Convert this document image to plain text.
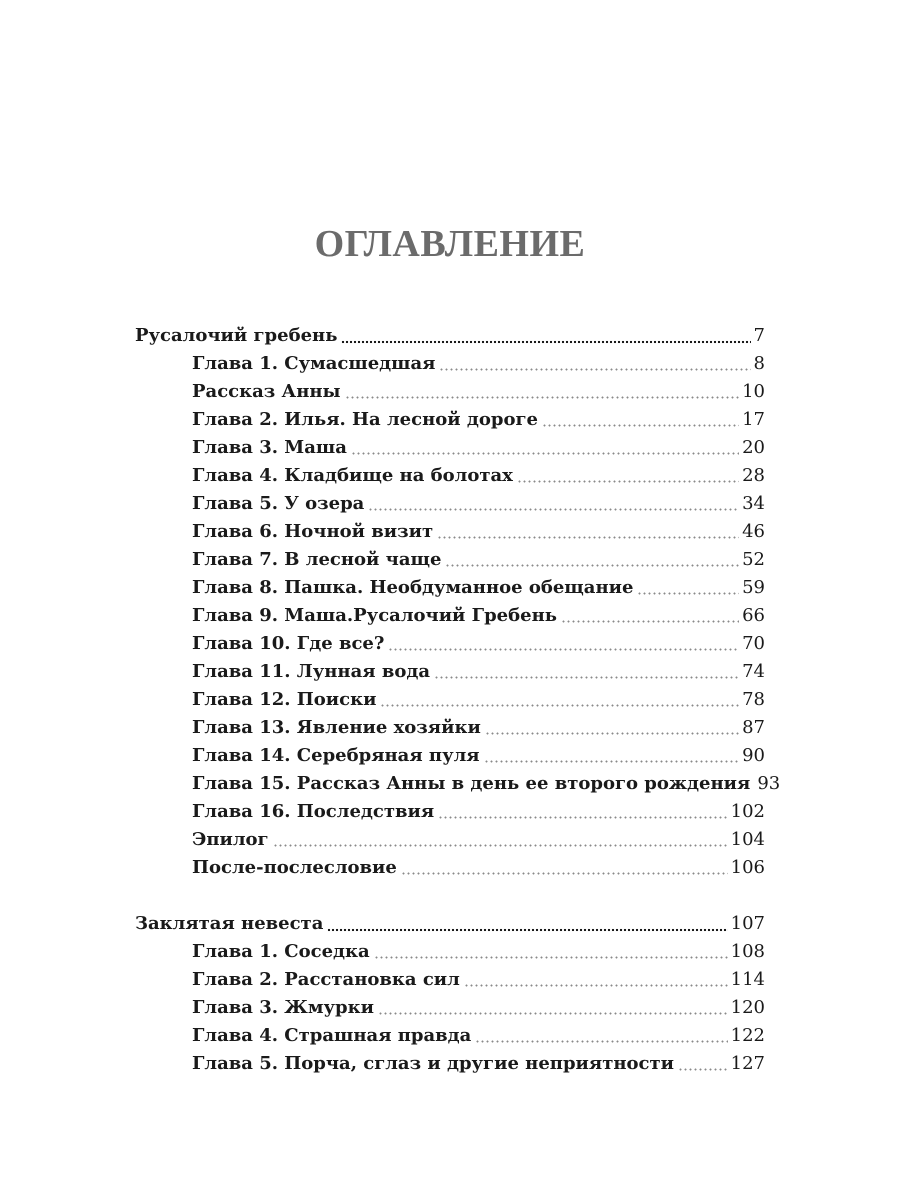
ОГЛАВЛЕНИЕ
Русалочий гребень	7
Глава 1. Сумасшедшая	8
Рассказ Анны	10
Глава 2. Илья. На лесной дороге	17
Глава 3. Маша	20
Глава 4. Кладбище на болотах	28
Глава 5. У озера	34
Глава 6. Ночной визит	46
Глава 7. В лесной чаще	52
Глава 8. Пашка. Необдуманное обещание	59
Глава 9. Маша.Русалочий Гребень	66
Глава 10. Где все?	70
Глава 11. Лунная вода	74
Глава 12. Поиски	78
Глава 13. Явление хозяйки	87
Глава 14. Серебряная пуля	90
Глава 15. Рассказ Анны в день ее второго рождения 93
Глава 16. Последствия	102
Эпилог	104
После-послесловие	106
Заклятая невеста	107
Глава 1. Соседка	108
Глава 2. Расстановка сил	114
Глава 3. Жмурки	120
Глава 4. Страшная правда	122
Глава 5. Порча, сглаз и другие неприятности	127
